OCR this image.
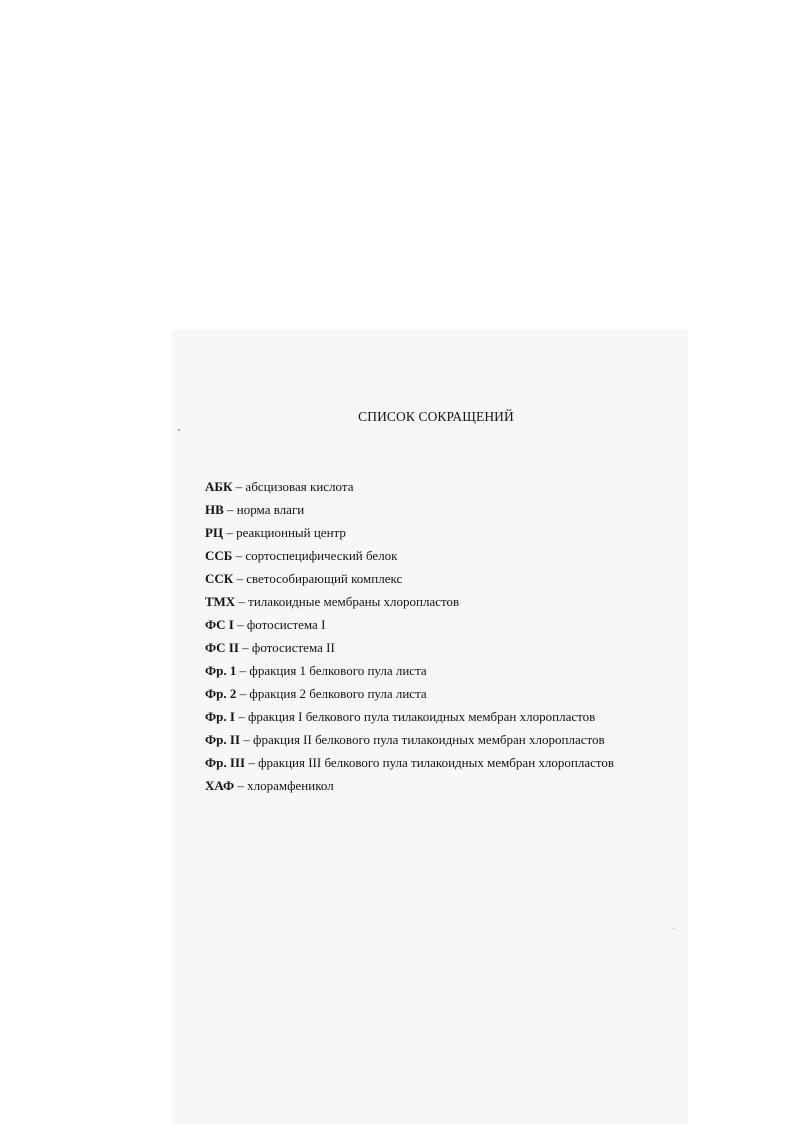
СПИСОК СОКРАЩЕНИЙ
АБК – абсцизовая кислота
НВ – норма влаги
РЦ – реакционный центр
ССБ – сортоспецифический белок
ССК – светособирающий комплекс
ТМХ – тилакоидные мембраны хлоропластов
ФС I – фотосистема I
ФС II – фотосистема II
Фр. 1 – фракция 1 белкового пула листа
Фр. 2 – фракция 2 белкового пула листа
Фр. I – фракция I белкового пула тилакоидных мембран хлоропластов
Фр. II – фракция II белкового пула тилакоидных мембран хлоропластов
Фр. III – фракция III белкового пула тилакоидных мембран хлоропластов
ХАФ – хлорамфеникол
